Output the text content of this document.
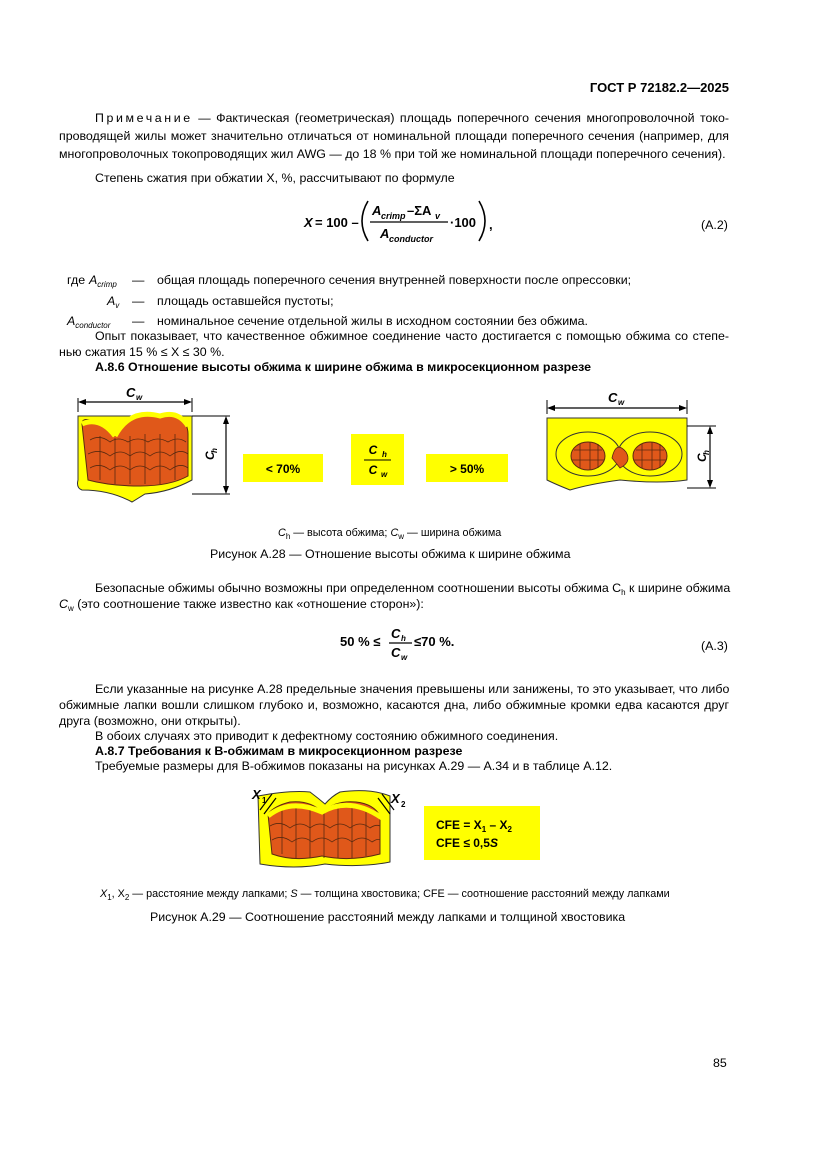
ГОСТ Р 72182.2—2025
Примечание — Фактическая (геометрическая) площадь поперечного сечения многопроволочной токо-
проводящей жилы может значительно отличаться от номинальной площади поперечного сечения (например, для
многопроволочных токопроводящих жил AWG — до 18 % при той же номинальной площади поперечного сечения).
Степень сжатия при обжатии X, %, рассчитывают по формуле
X = 100 –
A crimp –ΣA v
A conductor
·100 ,	(A.2)
где $A_{crimp}$ — общая площадь поперечного сечения внутренней поверхности после опрессовки;
$A_v$ — площадь оставшейся пустоты;
$A_{conductor}$ — номинальное сечение отдельной жилы в исходном состоянии без обжима.
Опыт показывает, что качественное обжимное соединение часто достигается с помощью обжима со степе-
нью сжатия 15 % ≤ X ≤ 30 %.
А.8.6 Отношение высоты обжима к ширине обжима в микросекционном разрезе
C w
C
h
< 70%
C h
C w	> 50%
C w
C
h
$C_h$ — высота обжима; $C_w$ — ширина обжима
Рисунок А.28 — Отношение высоты обжима к ширине обжима
Безопасные обжимы обычно возможны при определенном соотношении высоты обжима $C_h$ к ширине обжима
$C_w$ (это соотношение также известно как «отношение сторон»):
50 % ≤
C h
C w
≤70 %.	(A.3)
Если указанные на рисунке А.28 предельные значения превышены или занижены, то это указывает, что либо
обжимные лапки вошли слишком глубоко и, возможно, касаются дна, либо обжимные кромки едва касаются друг
друга (возможно, они открыты).
В обоих случаях это приводит к дефектному состоянию обжимного соединения.
А.8.7 Требования к В-обжимам в микросекционном разрезе
Требуемые размеры для В-обжимов показаны на рисунках А.29 — А.34 и в таблице А.12.
X 1	X 2
CFE = $X_1 - X_2$
CFE ≤ 0,5S
$X_1$, $X_2$ — расстояние между лапками; S — толщина хвостовика; CFE — соотношение расстояний между лапками
Рисунок А.29 — Соотношение расстояний между лапками и толщиной хвостовика
85
